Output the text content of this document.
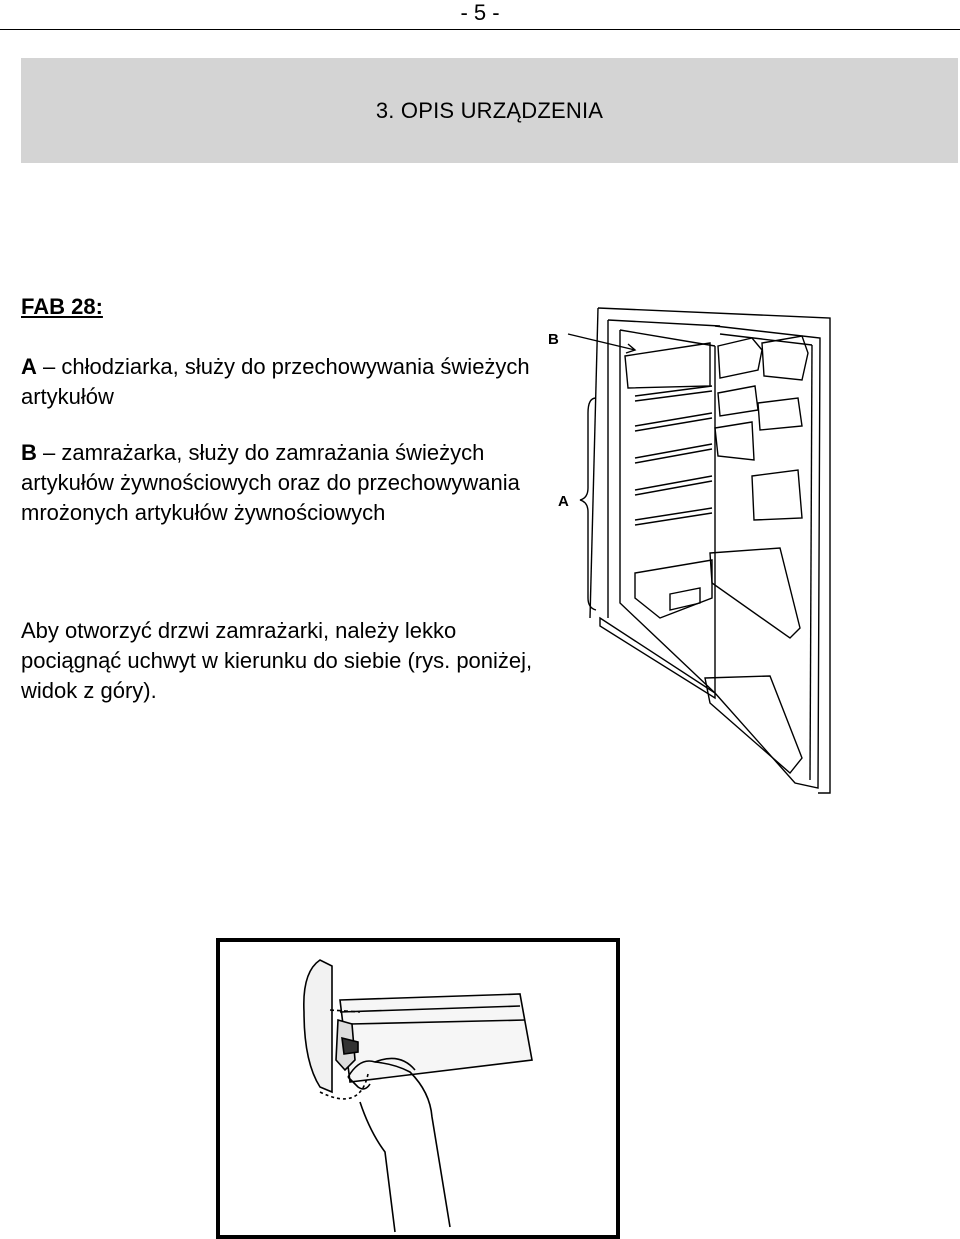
- 5 -
3. OPIS URZĄDZENIA
FAB 28:
A – chłodziarka, służy do przechowywania świeżych artykułów
B – zamrażarka, służy do zamrażania świeżych artykułów żywnościowych oraz do przechowywania mrożonych artykułów żywnościowych
Aby otworzyć drzwi zamrażarki, należy lekko pociągnąć uchwyt w kierunku do siebie (rys. poniżej, widok z góry).
B
A
